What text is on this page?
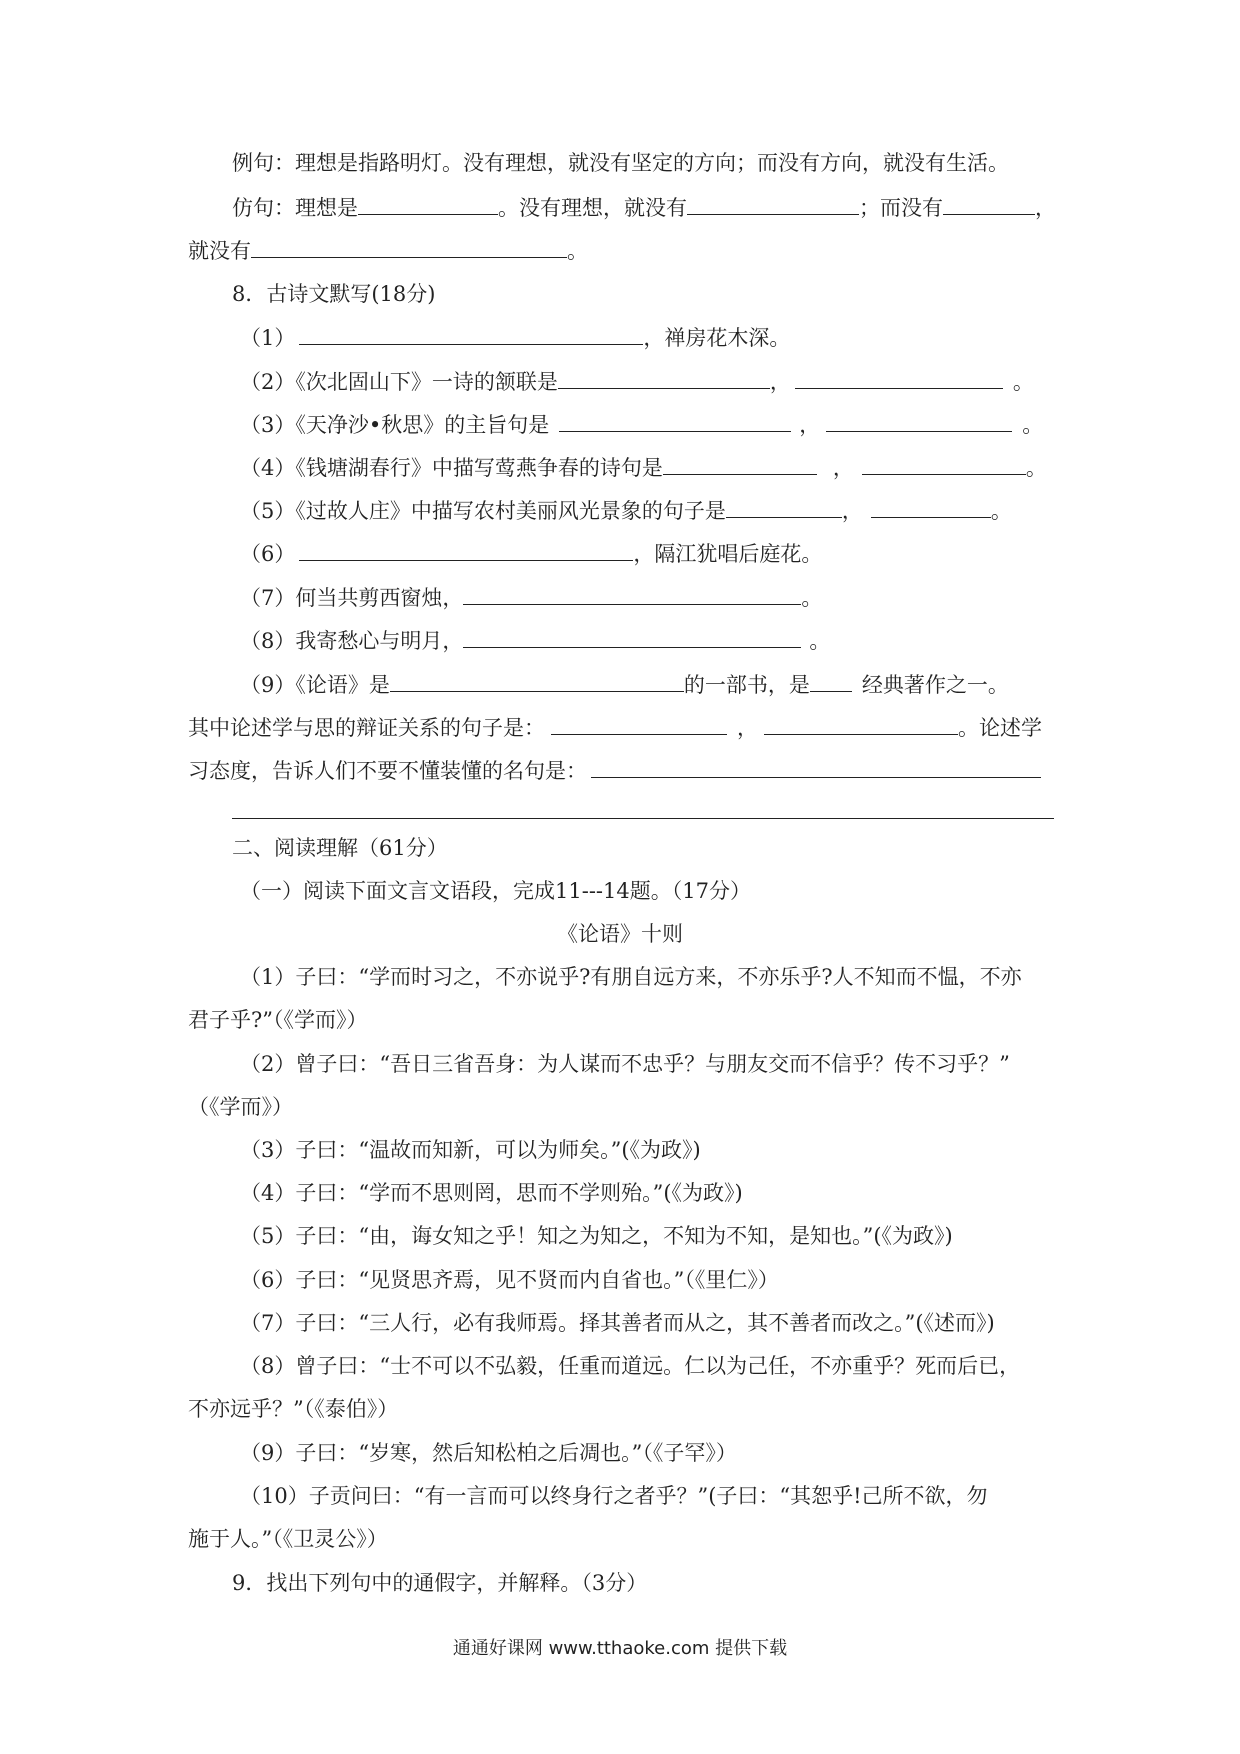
例句：理想是指路明灯。没有理想，就没有坚定的方向；而没有方向，就没有生活。
仿句：理想是	。没有理想，就没有	；而没有	，
就没有	。
8．古诗文默写(18分)
（1）	，禅房花木深。
（2）《次北固山下》一诗的颔联是	，	。
（3）《天净沙•秋思》的主旨句是	，	。
（4）《钱塘湖春行》中描写莺燕争春的诗句是	，	。
（5）《过故人庄》中描写农村美丽风光景象的句子是	，	。
（6）	，隔江犹唱后庭花。
（7）何当共剪西窗烛，	。
（8）我寄愁心与明月，	。
（9）《论语》是	的一部书，是 经典著作之一。
其中论述学与思的辩证关系的句子是：	，	。论述学
习态度，告诉人们不要不懂装懂的名句是：
二、阅读理解（61分）
（一）阅读下面文言文语段，完成11---14题。（17分）
《论语》十则
（1）子曰：“学而时习之，不亦说乎?有朋自远方来，不亦乐乎?人不知而不愠，不亦
君子乎?”（《学而》）
（2）曾子曰：“吾日三省吾身：为人谋而不忠乎？与朋友交而不信乎？传不习乎？”
（《学而》）
（3）子曰：“温故而知新，可以为师矣。”(《为政》)
（4）子曰：“学而不思则罔，思而不学则殆。”(《为政》)
（5）子曰：“由，诲女知之乎！知之为知之，不知为不知，是知也。”(《为政》)
（6）子曰：“见贤思齐焉，见不贤而内自省也。”（《里仁》）
（7）子曰：“三人行，必有我师焉。择其善者而从之，其不善者而改之。”(《述而》)
（8）曾子曰：“士不可以不弘毅，任重而道远。仁以为己任，不亦重乎？死而后已，
不亦远乎？”（《泰伯》）
（9）子曰：“岁寒，然后知松柏之后凋也。”（《子罕》）
（10）子贡问曰：“有一言而可以终身行之者乎？”(子曰：“其恕乎!己所不欲，勿
施于人。”（《卫灵公》）
9．找出下列句中的通假字，并解释。（3分）
通通好课网 www.tthaoke.com 提供下载
